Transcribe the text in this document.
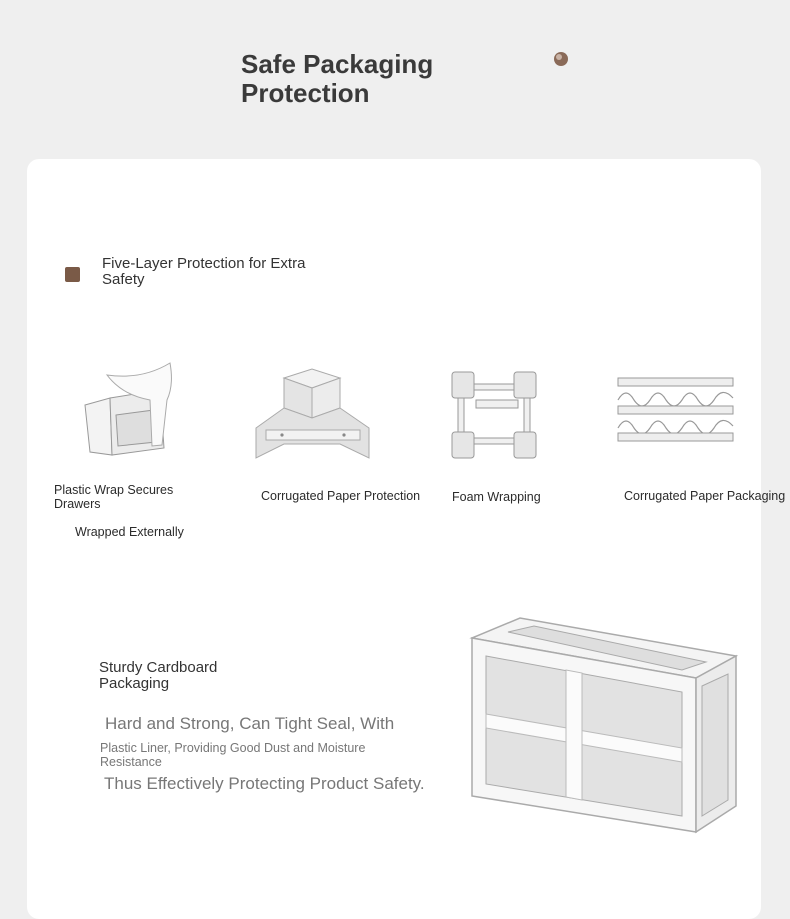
Safe Packaging Protection
Five-Layer Protection for Extra Safety
Plastic Wrap Secures Drawers
Wrapped Externally
Corrugated Paper Protection	Foam Wrapping	Corrugated Paper Packaging
Sturdy Cardboard Packaging
Hard and Strong, Can Tight Seal, With
Plastic Liner, Providing Good Dust and Moisture Resistance
Thus Effectively Protecting Product Safety.
